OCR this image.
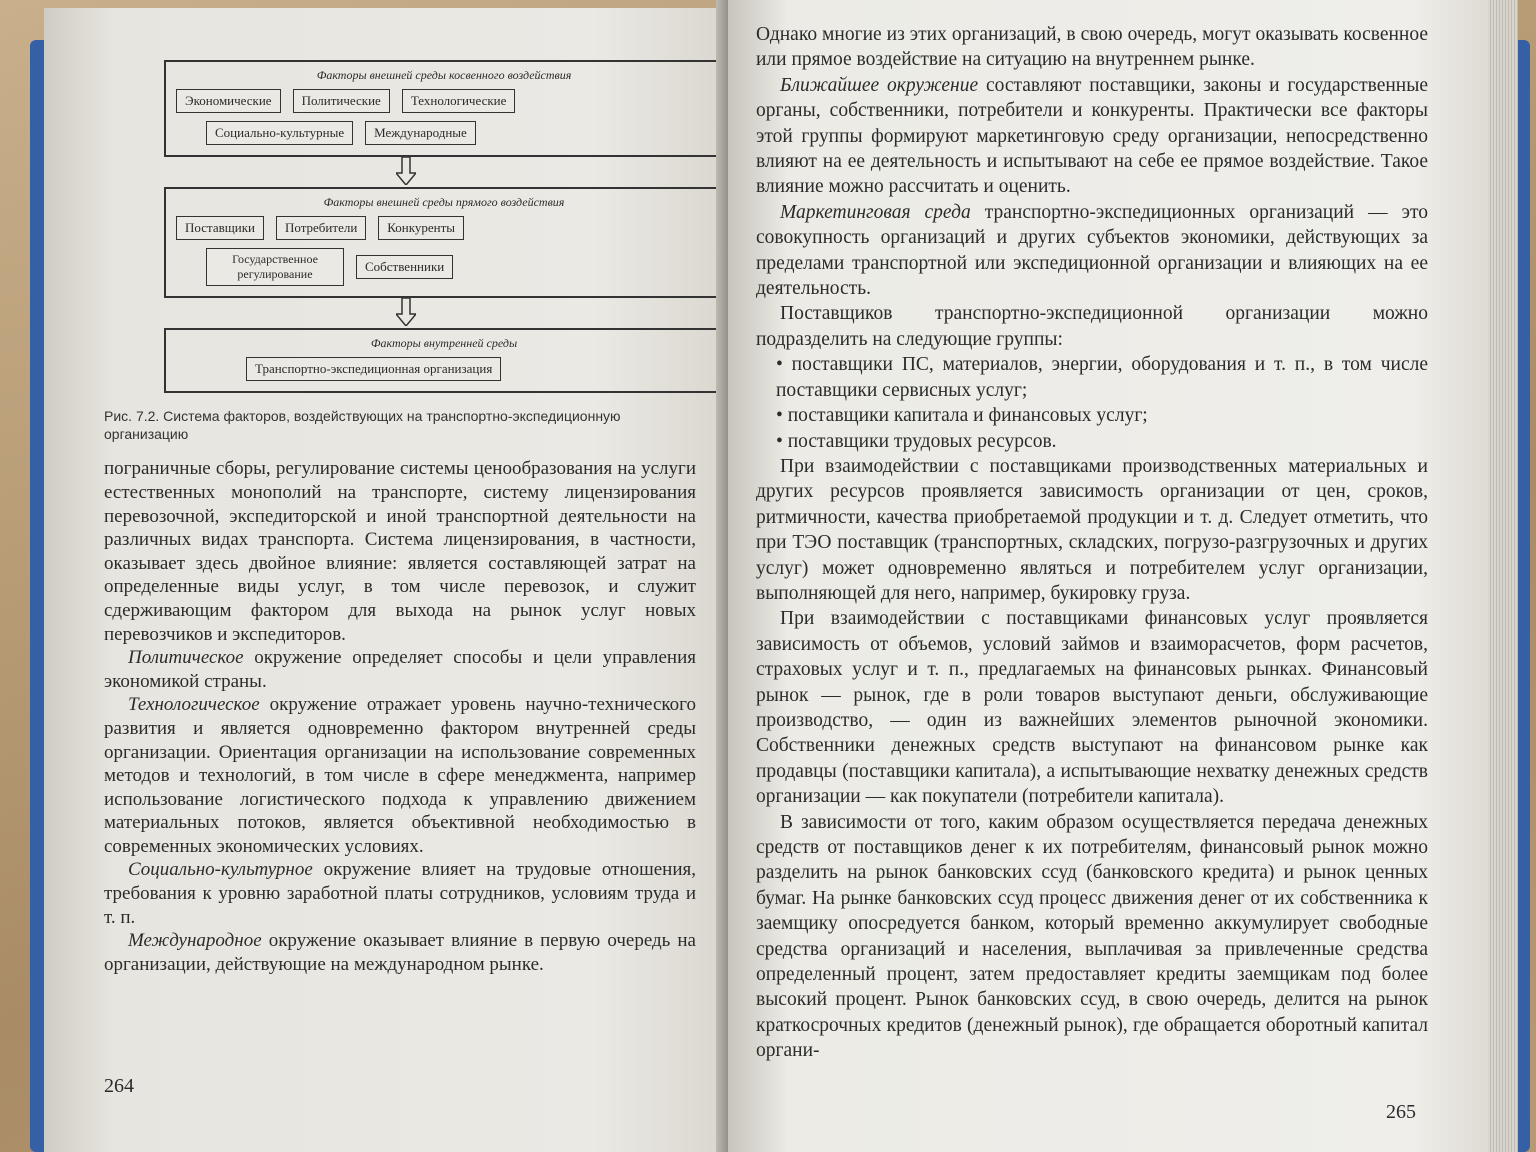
Факторы внешней среды косвенного воздействия
Экономические	Политические	Технологические
Социально-культурные	Международные
Факторы внешней среды прямого воздействия
Поставщики	Потребители	Конкуренты
Государственное регулирование	Собственники
Факторы внутренней среды
Транспортно-экспедиционная организация
Рис. 7.2. Система факторов, воздействующих на транспортно-экспедиционную организацию

пограничные сборы, регулирование системы ценообразования на услуги естественных монополий на транспорте, систему лицензирования перевозочной, экспедиторской и иной транспортной деятельности на различных видах транспорта. Система лицензирования, в частности, оказывает здесь двойное влияние: является составляющей затрат на определенные виды услуг, в том числе перевозок, и служит сдерживающим фактором для выхода на рынок услуг новых перевозчиков и экспедиторов.

Политическое окружение определяет способы и цели управления экономикой страны.

Технологическое окружение отражает уровень научно-технического развития и является одновременно фактором внутренней среды организации. Ориентация организации на использование современных методов и технологий, в том числе в сфере менеджмента, например использование логистического подхода к управлению движением материальных потоков, является объективной необходимостью в современных экономических условиях.

Социально-культурное окружение влияет на трудовые отношения, требования к уровню заработной платы сотрудников, условиям труда и т. п.

Международное окружение оказывает влияние в первую очередь на организации, действующие на международном рынке.

264

Однако многие из этих организаций, в свою очередь, могут оказывать косвенное или прямое воздействие на ситуацию на внутреннем рынке.

Ближайшее окружение составляют поставщики, законы и государственные органы, собственники, потребители и конкуренты. Практически все факторы этой группы формируют маркетинговую среду организации, непосредственно влияют на ее деятельность и испытывают на себе ее прямое воздействие. Такое влияние можно рассчитать и оценить.

Маркетинговая среда транспортно-экспедиционных организаций — это совокупность организаций и других субъектов экономики, действующих за пределами транспортной или экспедиционной организации и влияющих на ее деятельность.

Поставщиков транспортно-экспедиционной организации можно подразделить на следующие группы:

• поставщики ПС, материалов, энергии, оборудования и т. п., в том числе поставщики сервисных услуг;

• поставщики капитала и финансовых услуг;

• поставщики трудовых ресурсов.

При взаимодействии с поставщиками производственных материальных и других ресурсов проявляется зависимость организации от цен, сроков, ритмичности, качества приобретаемой продукции и т. д. Следует отметить, что при ТЭО поставщик (транспортных, складских, погрузо-разгрузочных и других услуг) может одновременно являться и потребителем услуг организации, выполняющей для него, например, букировку груза.

При взаимодействии с поставщиками финансовых услуг проявляется зависимость от объемов, условий займов и взаиморасчетов, форм расчетов, страховых услуг и т. п., предлагаемых на финансовых рынках. Финансовый рынок — рынок, где в роли товаров выступают деньги, обслуживающие производство, — один из важнейших элементов рыночной экономики. Собственники денежных средств выступают на финансовом рынке как продавцы (поставщики капитала), а испытывающие нехватку денежных средств организации — как покупатели (потребители капитала).

В зависимости от того, каким образом осуществляется передача денежных средств от поставщиков денег к их потребителям, финансовый рынок можно разделить на рынок банковских ссуд (банковского кредита) и рынок ценных бумаг. На рынке банковских ссуд процесс движения денег от их собственника к заемщику опосредуется банком, который временно аккумулирует свободные средства организаций и населения, выплачивая за привлеченные средства определенный процент, затем предоставляет кредиты заемщикам под более высокий процент. Рынок банковских ссуд, в свою очередь, делится на рынок краткосрочных кредитов (денежный рынок), где обращается оборотный капитал органи-

265
